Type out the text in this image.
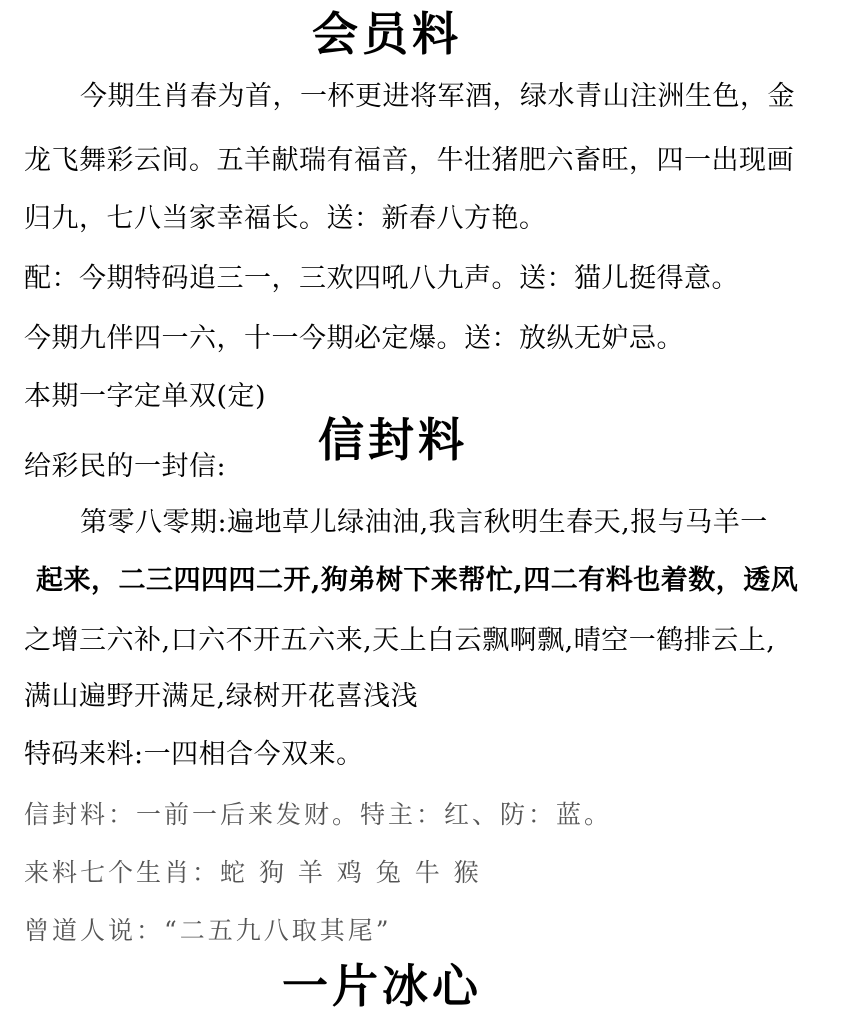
会员料
今期生肖春为首，一杯更进将军酒，绿水青山注洲生色，金
龙飞舞彩云间。五羊献瑞有福音，牛壮猪肥六畜旺，四一出现画
归九，七八当家幸福长。送：新春八方艳。
配：今期特码追三一，三欢四吼八九声。送：猫儿挺得意。
今期九伴四一六，十一今期必定爆。送：放纵无妒忌。
本期一字定单双(定)
信封料
给彩民的一封信:
第零八零期:遍地草儿绿油油,我言秋明生春天,报与马羊一
起来，二三四四四二开,狗弟树下来帮忙,四二有料也着数，透风
之增三六补,口六不开五六来,天上白云飘啊飘,晴空一鹤排云上,
满山遍野开满足,绿树开花喜浅浅
特码来料:一四相合今双来。
信封料：一前一后来发财。特主：红、防：蓝。
来料七个生肖：蛇 狗 羊 鸡 兔 牛 猴
曾道人说：“二五九八取其尾”
一片冰心
